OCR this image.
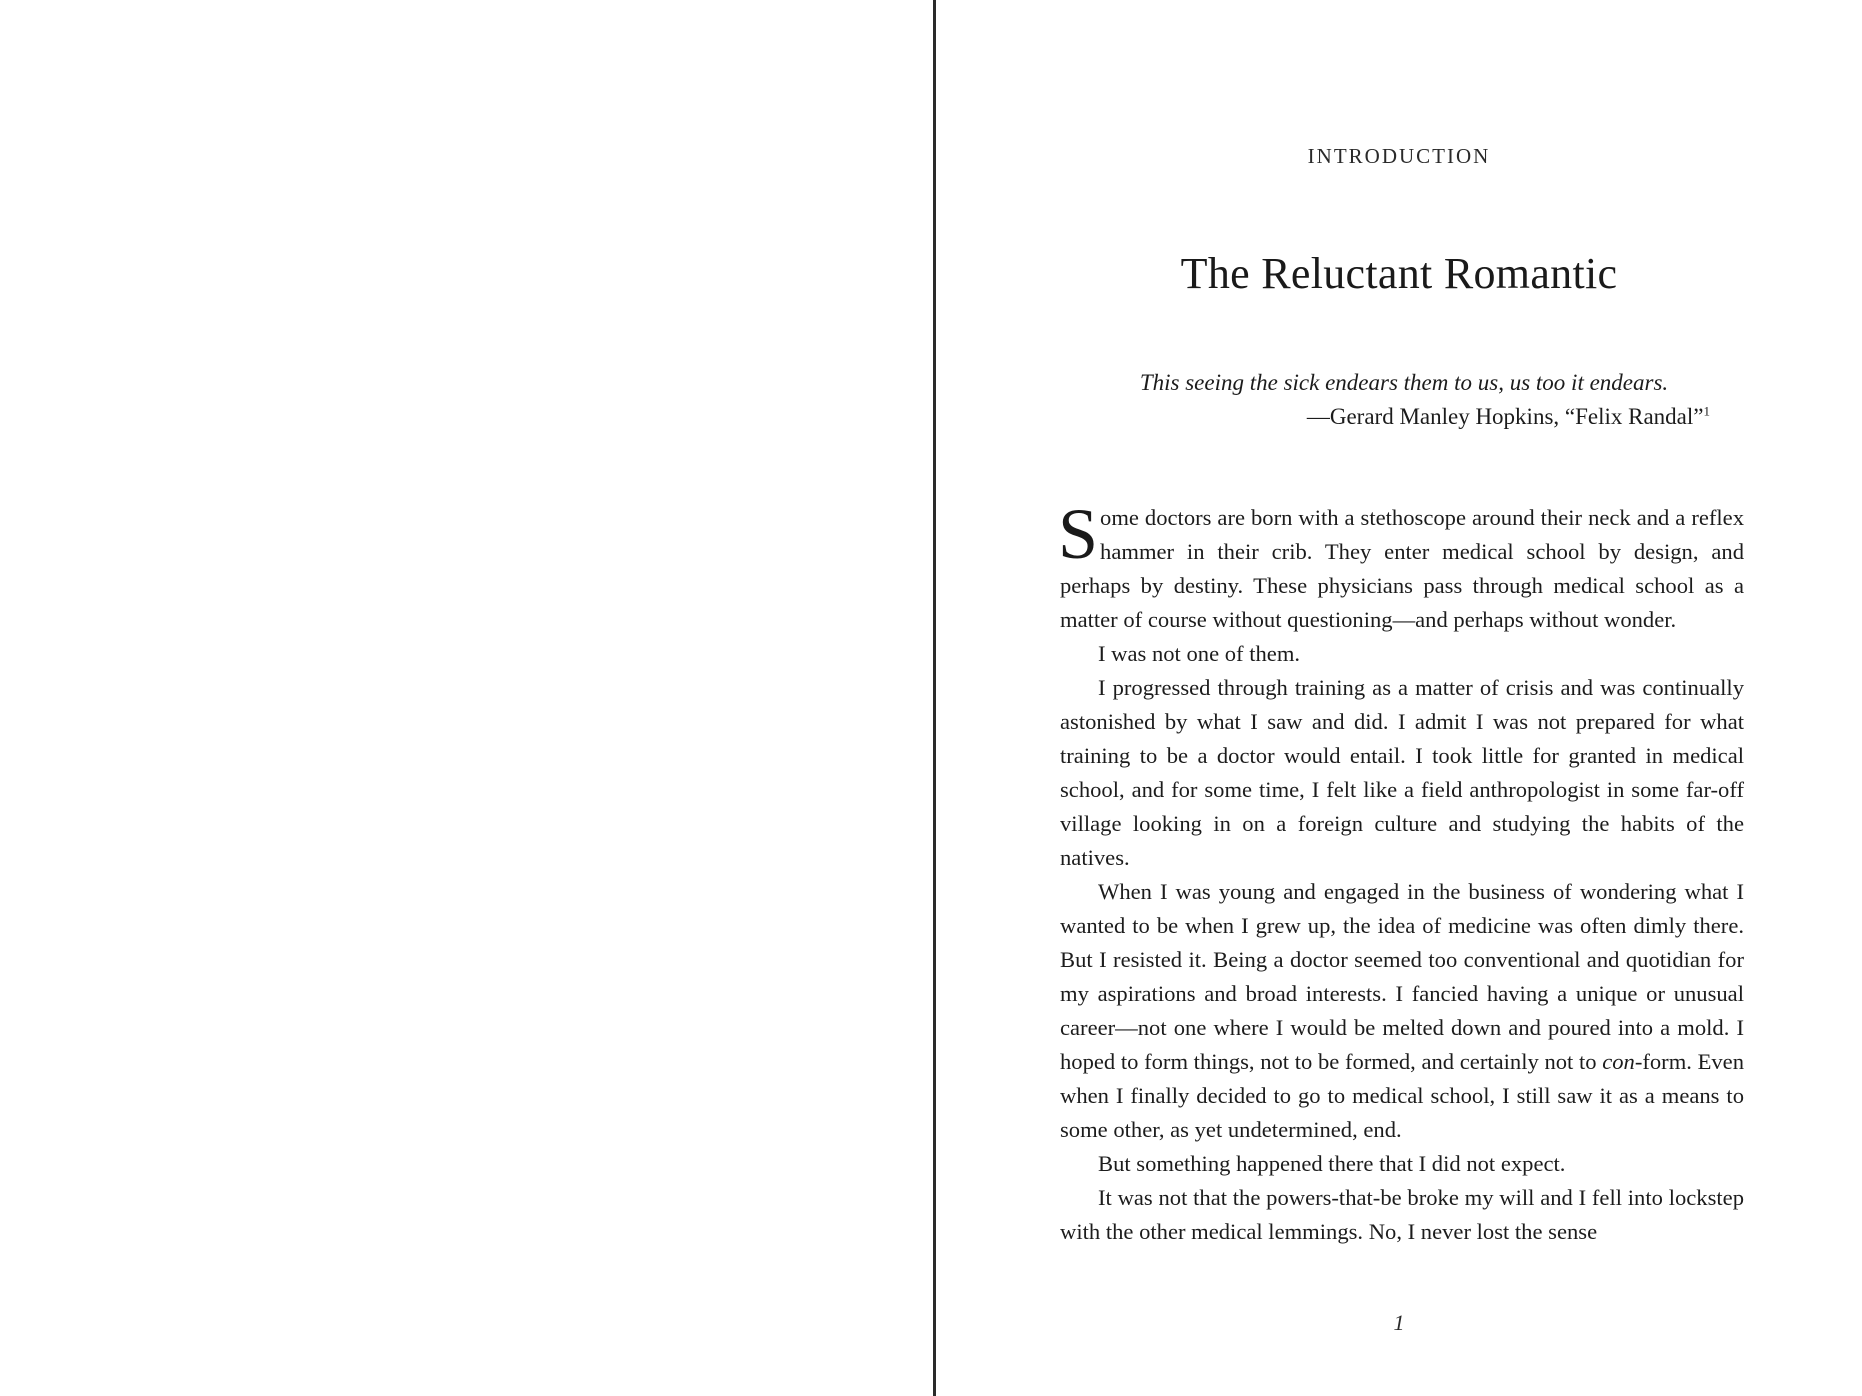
INTRODUCTION
The Reluctant Romantic
This seeing the sick endears them to us, us too it endears.
—Gerard Manley Hopkins, “Felix Randal”$^1$

Some doctors are born with a stethoscope around their neck and a reflex hammer in their crib. They enter medical school by design, and perhaps by destiny. These physicians pass through medical school as a matter of course without questioning—and perhaps without wonder.

I was not one of them.

I progressed through training as a matter of crisis and was continually astonished by what I saw and did. I admit I was not prepared for what training to be a doctor would entail. I took little for granted in medical school, and for some time, I felt like a field anthropologist in some far-off village looking in on a foreign culture and studying the habits of the natives.

When I was young and engaged in the business of wondering what I wanted to be when I grew up, the idea of medicine was often dimly there. But I resisted it. Being a doctor seemed too conventional and quotidian for my aspirations and broad interests. I fancied having a unique or unusual career—not one where I would be melted down and poured into a mold. I hoped to form things, not to be formed, and certainly not to con-form. Even when I finally decided to go to medical school, I still saw it as a means to some other, as yet undetermined, end.

But something happened there that I did not expect.

It was not that the powers-that-be broke my will and I fell into lockstep with the other medical lemmings. No, I never lost the sense

1
